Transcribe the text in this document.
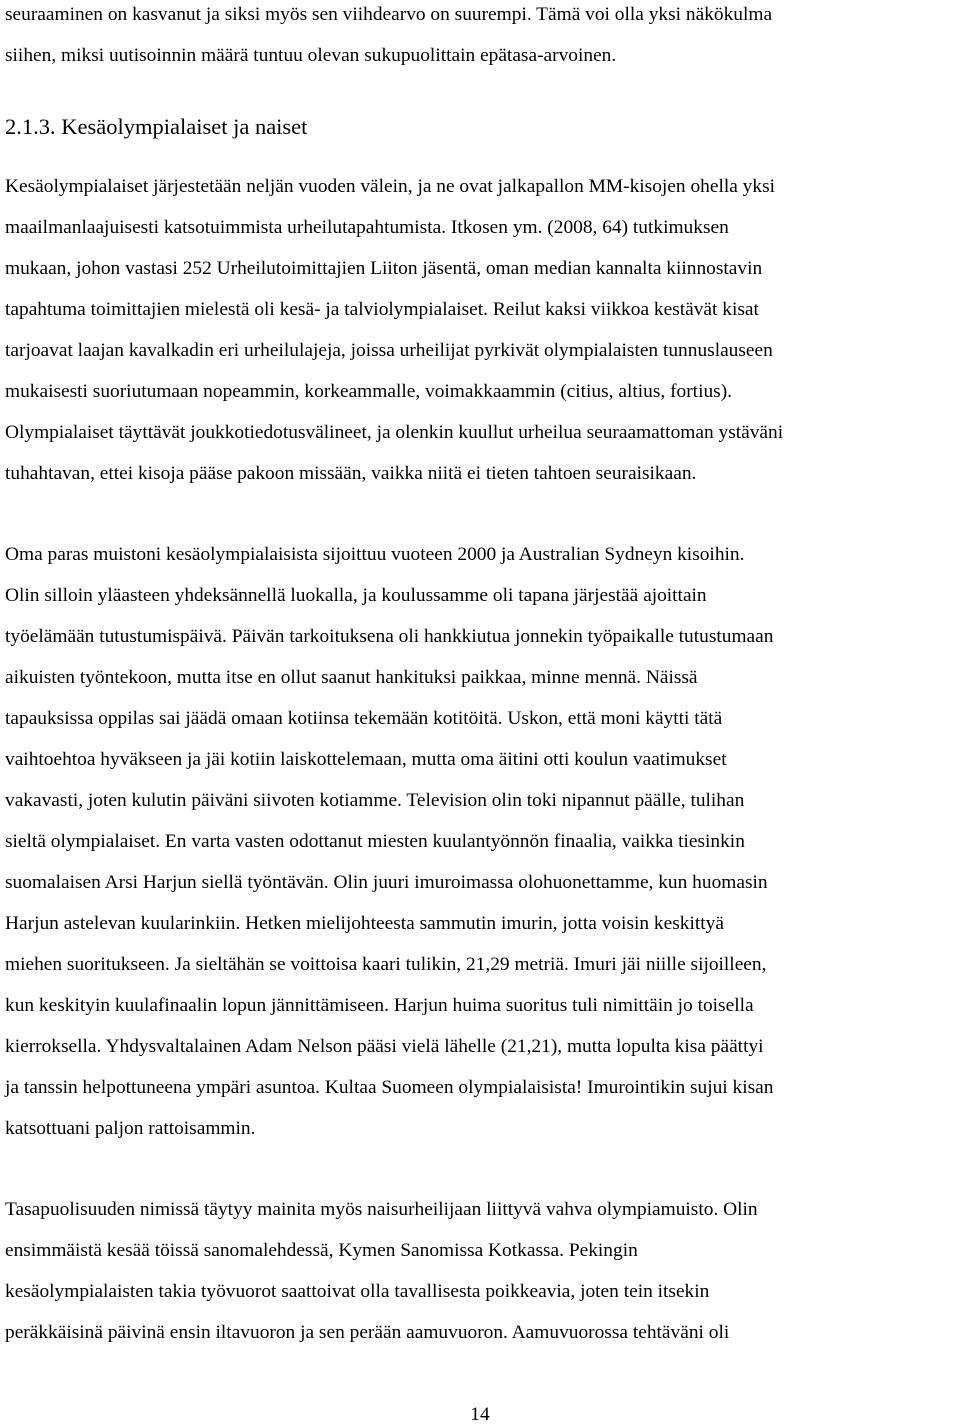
seuraaminen on kasvanut ja siksi myös sen viihdearvo on suurempi. Tämä voi olla yksi näkökulma
siihen, miksi uutisoinnin määrä tuntuu olevan sukupuolittain epätasa-arvoinen.
2.1.3. Kesäolympialaiset ja naiset
Kesäolympialaiset järjestetään neljän vuoden välein, ja ne ovat jalkapallon MM-kisojen ohella yksi
maailmanlaajuisesti katsotuimmista urheilutapahtumista. Itkosen ym. (2008, 64) tutkimuksen
mukaan, johon vastasi 252 Urheilutoimittajien Liiton jäsentä, oman median kannalta kiinnostavin
tapahtuma toimittajien mielestä oli kesä- ja talviolympialaiset. Reilut kaksi viikkoa kestävät kisat
tarjoavat laajan kavalkadin eri urheilulajeja, joissa urheilijat pyrkivät olympialaisten tunnuslauseen
mukaisesti suoriutumaan nopeammin, korkeammalle, voimakkaammin (citius, altius, fortius).
Olympialaiset täyttävät joukkotiedotusvälineet, ja olenkin kuullut urheilua seuraamattoman ystäväni
tuhahtavan, ettei kisoja pääse pakoon missään, vaikka niitä ei tieten tahtoen seuraisikaan.
Oma paras muistoni kesäolympialaisista sijoittuu vuoteen 2000 ja Australian Sydneyn kisoihin.
Olin silloin yläasteen yhdeksännellä luokalla, ja koulussamme oli tapana järjestää ajoittain
työelämään tutustumispäivä. Päivän tarkoituksena oli hankkiutua jonnekin työpaikalle tutustumaan
aikuisten työntekoon, mutta itse en ollut saanut hankituksi paikkaa, minne mennä. Näissä
tapauksissa oppilas sai jäädä omaan kotiinsa tekemään kotitöitä. Uskon, että moni käytti tätä
vaihtoehtoa hyväkseen ja jäi kotiin laiskottelemaan, mutta oma äitini otti koulun vaatimukset
vakavasti, joten kulutin päiväni siivoten kotiamme. Television olin toki nipannut päälle, tulihan
sieltä olympialaiset. En varta vasten odottanut miesten kuulantyönnön finaalia, vaikka tiesinkin
suomalaisen Arsi Harjun siellä työntävän. Olin juuri imuroimassa olohuonettamme, kun huomasin
Harjun astelevan kuularinkiin. Hetken mielijohteesta sammutin imurin, jotta voisin keskittyä
miehen suoritukseen. Ja sieltähän se voittoisa kaari tulikin, 21,29 metriä. Imuri jäi niille sijoilleen,
kun keskityin kuulafinaalin lopun jännittämiseen. Harjun huima suoritus tuli nimittäin jo toisella
kierroksella. Yhdysvaltalainen Adam Nelson pääsi vielä lähelle (21,21), mutta lopulta kisa päättyi
ja tanssin helpottuneena ympäri asuntoa. Kultaa Suomeen olympialaisista! Imurointikin sujui kisan
katsottuani paljon rattoisammin.
Tasapuolisuuden nimissä täytyy mainita myös naisurheilijaan liittyvä vahva olympiamuisto. Olin
ensimmäistä kesää töissä sanomalehdessä, Kymen Sanomissa Kotkassa. Pekingin
kesäolympialaisten takia työvuorot saattoivat olla tavallisesta poikkeavia, joten tein itsekin
peräkkäisinä päivinä ensin iltavuoron ja sen perään aamuvuoron. Aamuvuorossa tehtäväni oli
14
